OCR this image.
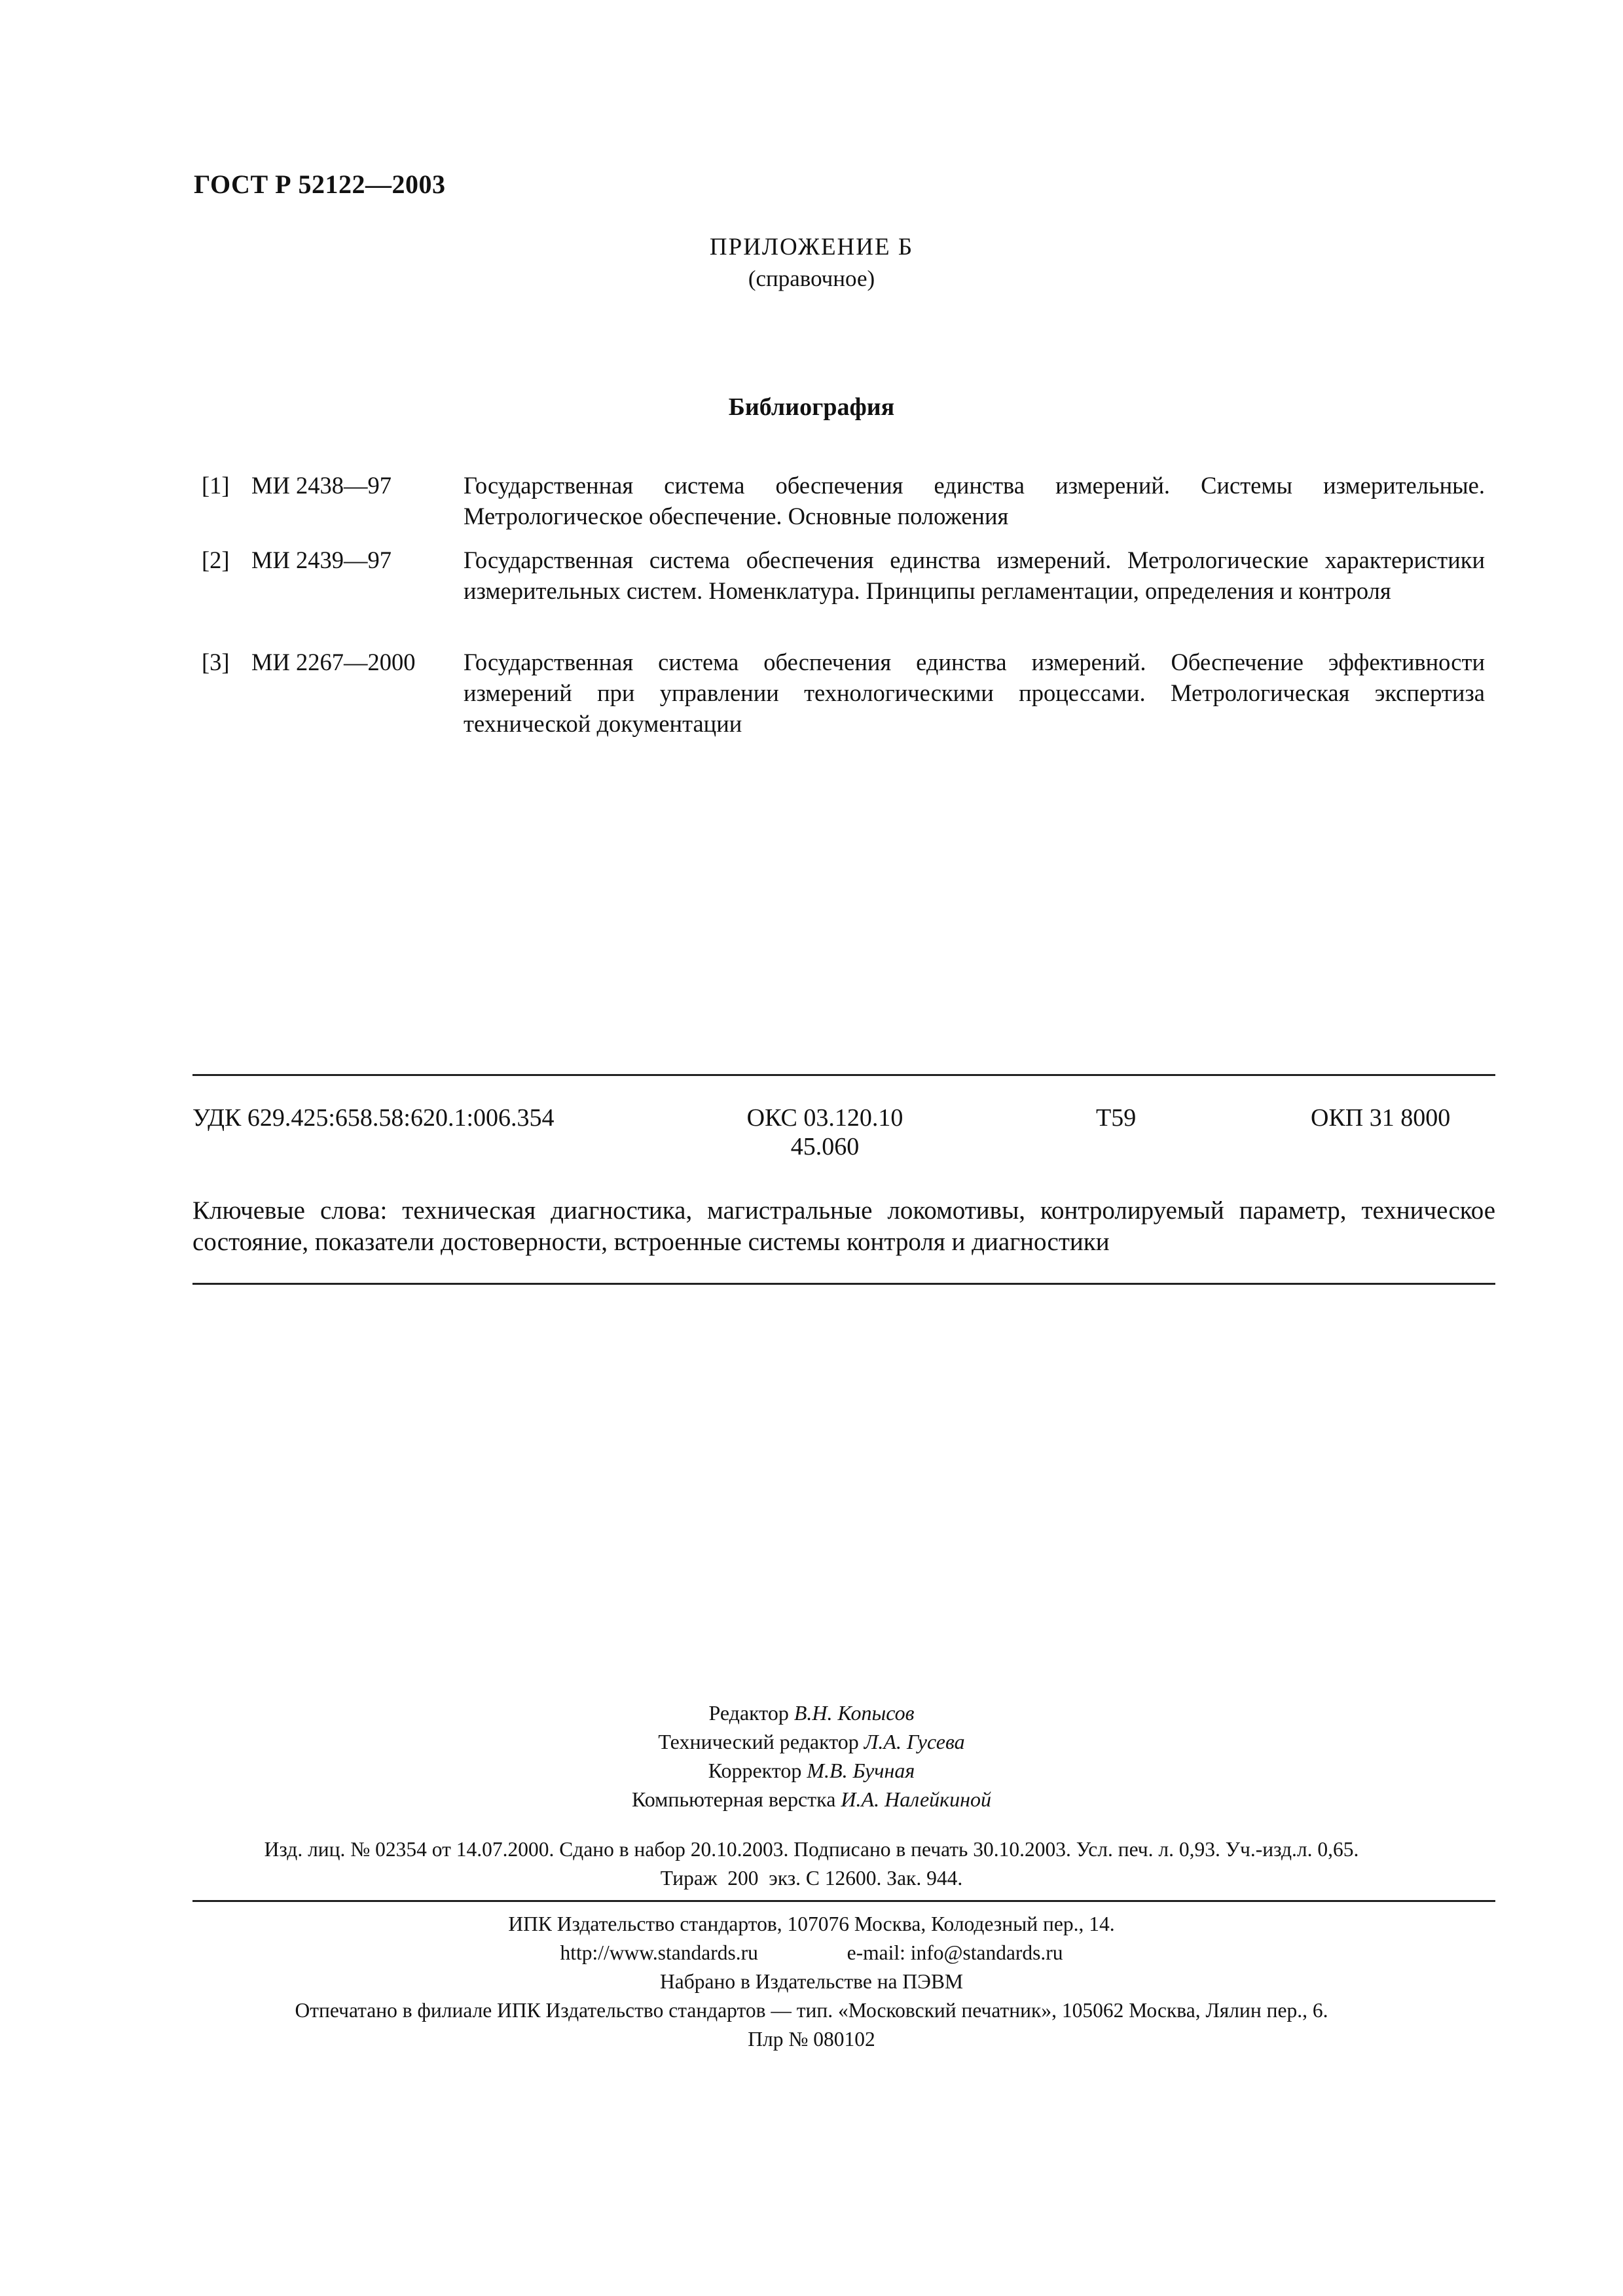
ГОСТ Р 52122—2003
ПРИЛОЖЕНИЕ Б
(справочное)
Библиография
[1] МИ 2438—97	Государственная система обеспечения единства измерений. Системы измерительные. Метрологическое обеспечение. Основные положения
[2] МИ 2439—97	Государственная система обеспечения единства измерений. Метрологические характеристики измерительных систем. Номенклатура. Принципы регламентации, определения и контроля
[3] МИ 2267—2000 Государственная система обеспечения единства измерений. Обеспечение эффективности измерений при управлении технологическими процессами. Метрологическая экспертиза технической документации
УДК 629.425:658.58:620.1:006.354	ОКС 03.120.10
45.060
Т59	ОКП 31 8000
Ключевые слова: техническая диагностика, магистральные локомотивы, контролируемый параметр, техническое состояние, показатели достоверности, встроенные системы контроля и диагностики
Редактор В.Н. Копысов
Технический редактор Л.А. Гусева
Корректор М.В. Бучная
Компьютерная верстка И.А. Налейкиной
Изд. лиц. № 02354 от 14.07.2000. Сдано в набор 20.10.2003. Подписано в печать 30.10.2003. Усл. печ. л. 0,93. Уч.-изд.л. 0,65.
Тираж  200  экз. С 12600. Зак. 944.
ИПК Издательство стандартов, 107076 Москва, Колодезный пер., 14.
http://www.standards.ru	e-mail: info@standards.ru
Набрано в Издательстве на ПЭВМ
Отпечатано в филиале ИПК Издательство стандартов — тип. «Московский печатник», 105062 Москва, Лялин пер., 6.
Плр № 080102
